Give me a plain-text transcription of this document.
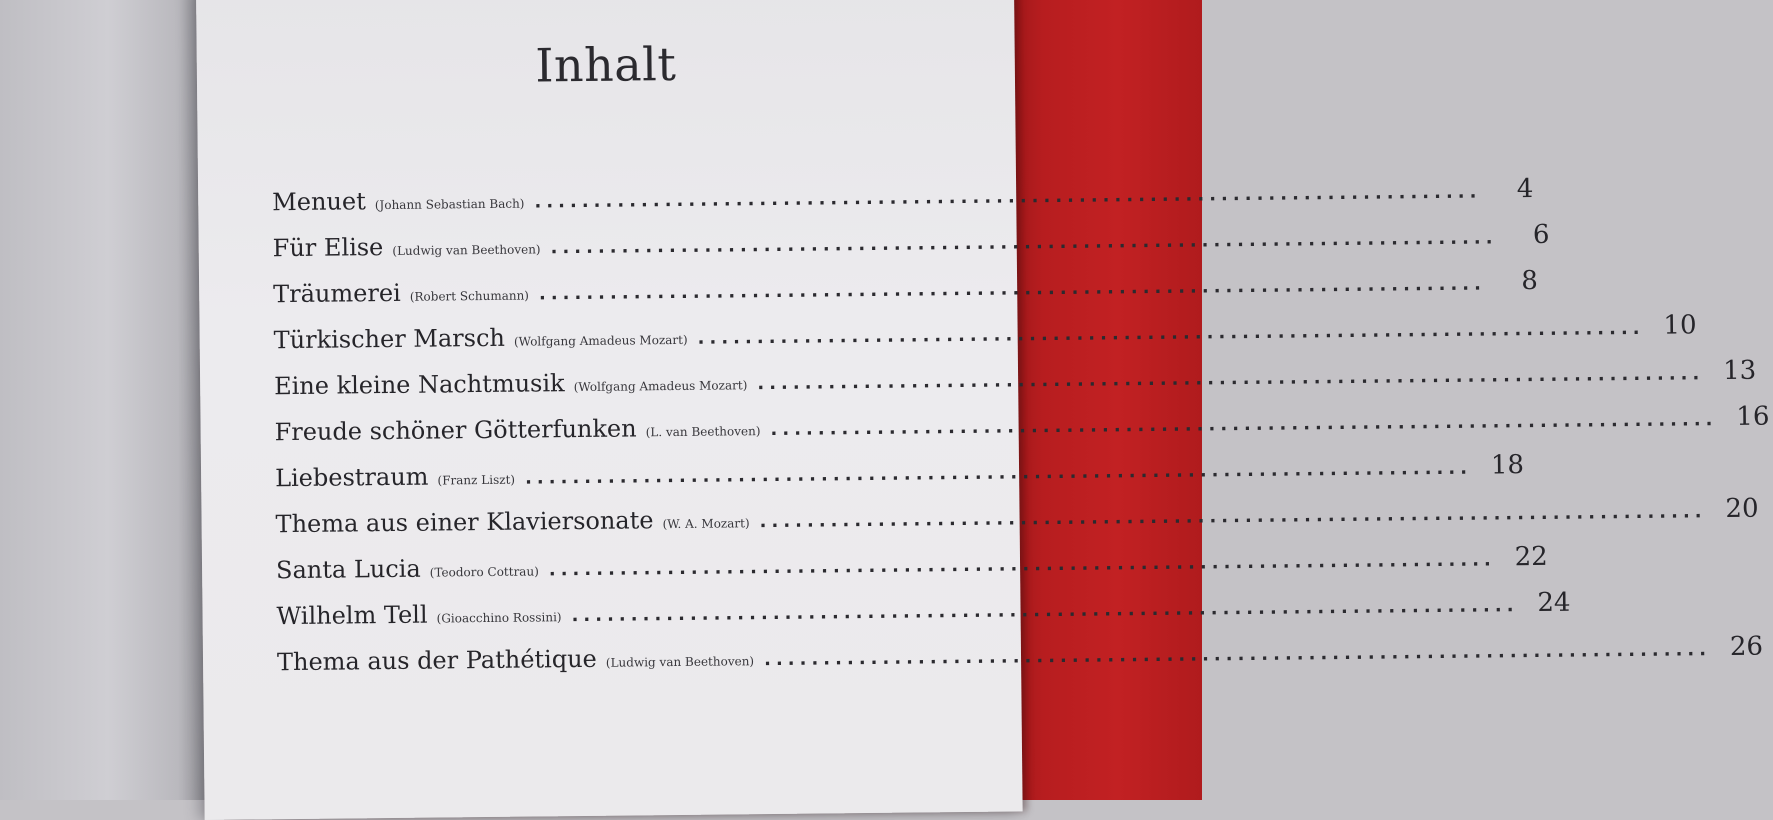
Inhalt
Menuet (Johann Sebastian Bach) ................................................................................	4
Für Elise (Ludwig van Beethoven) ................................................................................	6
Träumerei (Robert Schumann) ................................................................................	8
Türkischer Marsch (Wolfgang Amadeus Mozart) ................................................................................ 10
Eine kleine Nachtmusik (Wolfgang Amadeus Mozart) ................................................................................ 13
Freude schöner Götterfunken (L. van Beethoven) ................................................................................ 16
Liebestraum (Franz Liszt) ................................................................................ 18
Thema aus einer Klaviersonate (W. A. Mozart) ................................................................................ 20
Santa Lucia (Teodoro Cottrau) ................................................................................ 22
Wilhelm Tell (Gioacchino Rossini) ................................................................................ 24
Thema aus der Pathétique (Ludwig van Beethoven) ................................................................................ 26
